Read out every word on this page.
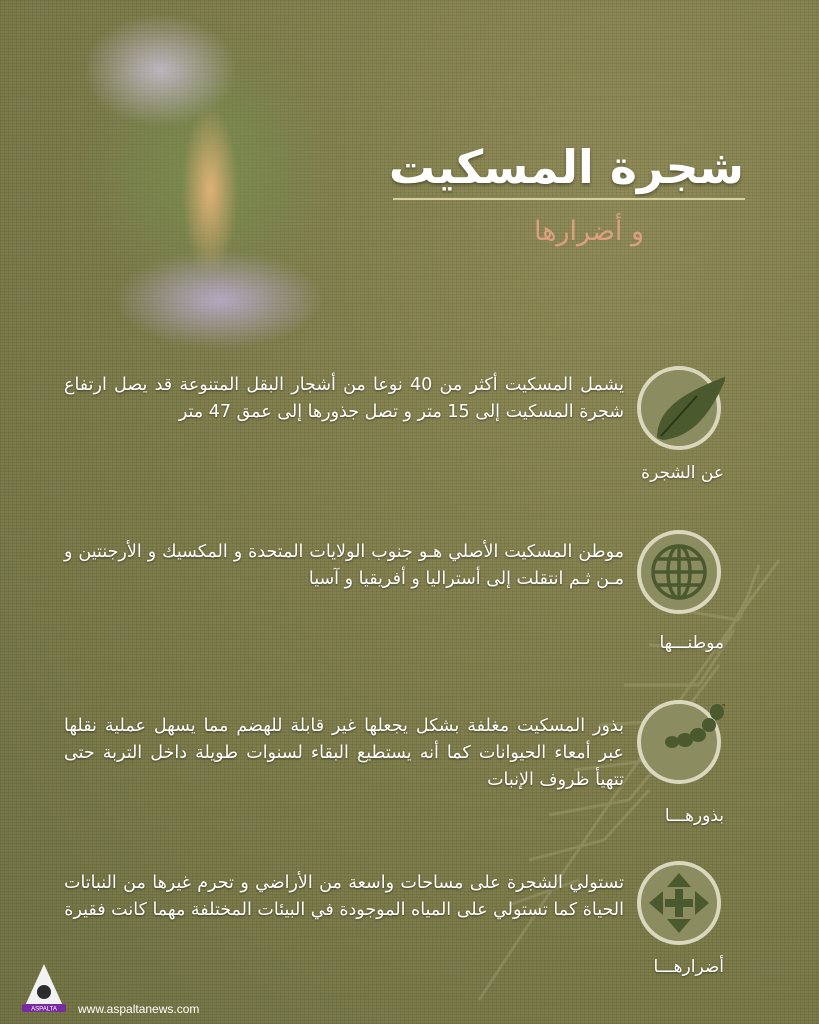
شجرة المسكيت
و أضرارها
يشمل المسكيت أكثر من 40 نوعا من أشجار البقل المتنوعة قد يصل ارتفاع شجرة المسكيت إلى 15 متر و تصل جذورها إلى عمق 47 متر
عن الشجرة
موطن المسكيت الأصلي هـو جنوب الولايات المتحدة و المكسيك و الأرجنتين و مـن ثـم انتقلت إلى أستراليا و أفريقيا و آسيا
موطنـــها
بذور المسكيت مغلفة بشكل يجعلها غير قابلة للهضم مما يسهل عملية نقلها عبر أمعاء الحيوانات كما أنه يستطيع البقاء لسنوات طويلة داخل التربة حتى تتهيأ ظروف الإنبات
بذورهـــا
تستولي الشجرة على مساحات واسعة من الأراضي و تحرم غيرها من النباتات الحياة كما تستولي على المياه الموجودة في البيئات المختلفة مهما كانت فقيرة
أضرارهـــا
ASPALTA www.aspaltanews.com
